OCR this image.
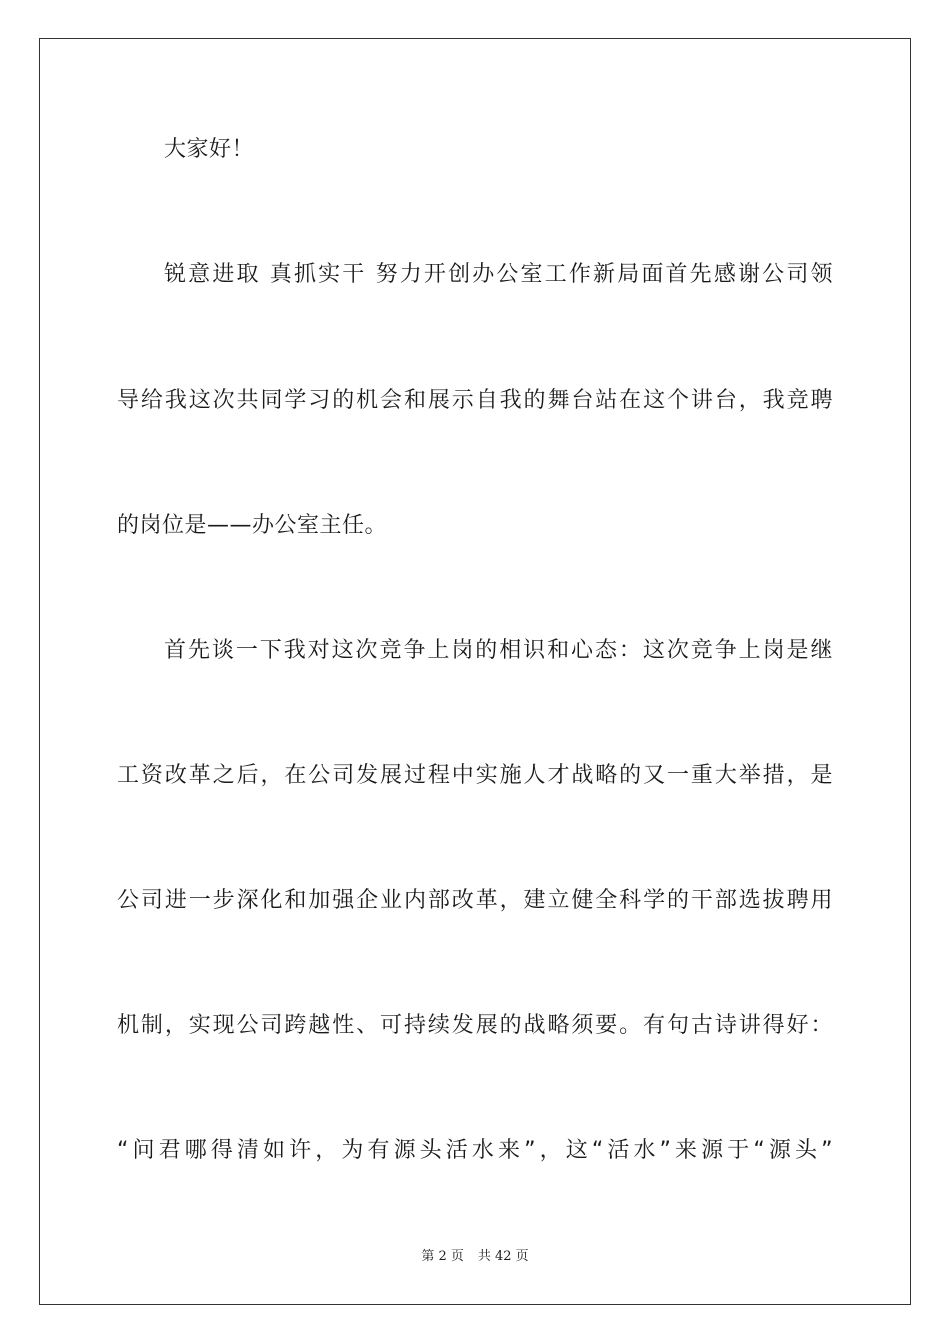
大家好！
锐意进取 真抓实干 努力开创办公室工作新局面首先感谢公司领
导给我这次共同学习的机会和展示自我的舞台站在这个讲台，我竞聘
的岗位是——办公室主任。
首先谈一下我对这次竞争上岗的相识和心态：这次竞争上岗是继
工资改革之后，在公司发展过程中实施人才战略的又一重大举措，是
公司进一步深化和加强企业内部改革，建立健全科学的干部选拔聘用
机制，实现公司跨越性、可持续发展的战略须要。有句古诗讲得好：
“问君哪得清如许，为有源头活水来”，这“活水”来源于“源头”
第 2 页 共 42 页
